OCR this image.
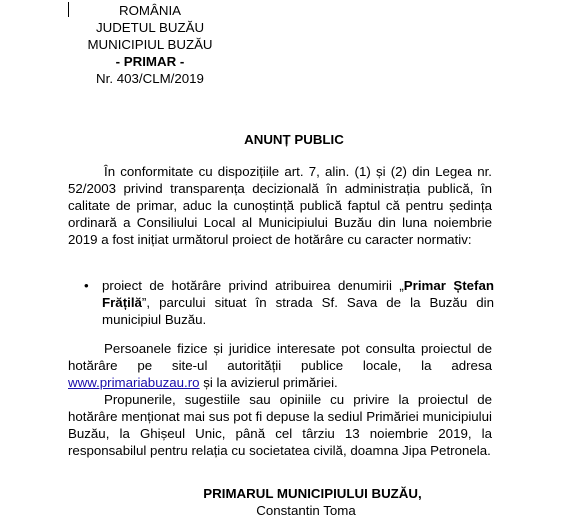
ROMÂNIA
JUDETUL BUZĂU
MUNICIPIUL BUZĂU
- PRIMAR -
Nr. 403/CLM/2019
ANUNȚ PUBLIC
În conformitate cu dispozițiile art. 7, alin. (1) și (2) din Legea nr. 52/2003 privind transparența decizională în administrația publică, în calitate de primar, aduc la cunoștință publică faptul că pentru ședința ordinară a Consiliului Local al Municipiului Buzău din luna noiembrie 2019 a fost inițiat următorul proiect de hotărâre cu caracter normativ:
•	proiect de hotărâre privind atribuirea denumirii „Primar Ștefan Frățilă”, parcului situat în strada Sf. Sava de la Buzău din municipiul Buzău.
Persoanele fizice și juridice interesate pot consulta proiectul de hotărâre pe site-ul autorității publice locale, la adresa www.primariabuzau.ro și la avizierul primăriei.
Propunerile, sugestiile sau opiniile cu privire la proiectul de hotărâre menționat mai sus pot fi depuse la sediul Primăriei municipiului Buzău, la Ghișeul Unic, până cel târziu 13 noiembrie 2019, la responsabilul pentru relația cu societatea civilă, doamna Jipa Petronela.
PRIMARUL MUNICIPIULUI BUZĂU,
Constantin Toma
